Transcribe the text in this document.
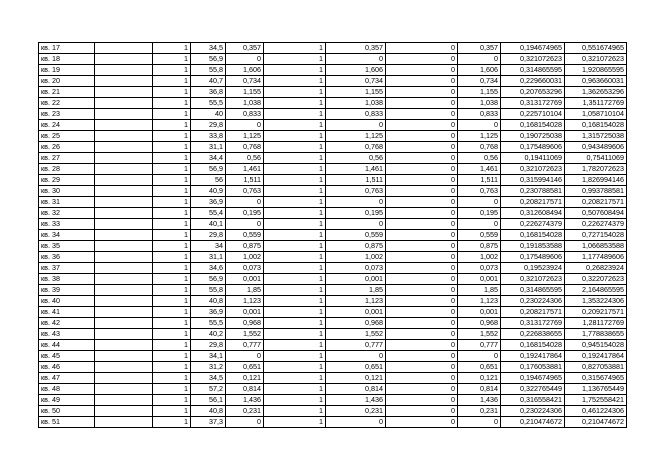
кв. 17		1	34,5	0,357	1	0,357	0	0,357	0,194674965	0,551674965
кв. 18		1	56,9	0	1	0	0	0	0,321072623	0,321072623
кв. 19		1	55,8	1,606	1	1,606	0	1,606	0,314865595	1,920865595
кв. 20		1	40,7	0,734	1	0,734	0	0,734	0,229660031	0,963660031
кв. 21		1	36,8	1,155	1	1,155	0	1,155	0,207653296	1,362653296
кв. 22		1	55,5	1,038	1	1,038	0	1,038	0,313172769	1,351172769
кв. 23		1	40	0,833	1	0,833	0	0,833	0,225710104	1,058710104
кв. 24		1	29,8	0	1	0	0	0	0,168154028	0,168154028
кв. 25		1	33,8	1,125	1	1,125	0	1,125	0,190725038	1,315725038
кв. 26		1	31,1	0,768	1	0,768	0	0,768	0,175489606	0,943489606
кв. 27		1	34,4	0,56	1	0,56	0	0,56	0,19411069	0,75411069
кв. 28		1	56,9	1,461	1	1,461	0	1,461	0,321072623	1,782072623
кв. 29		1	56	1,511	1	1,511	0	1,511	0,315994146	1,826994146
кв. 30		1	40,9	0,763	1	0,763	0	0,763	0,230788581	0,993788581
кв. 31		1	36,9	0	1	0	0	0	0,208217571	0,208217571
кв. 32		1	55,4	0,195	1	0,195	0	0,195	0,312608494	0,507608494
кв. 33		1	40,1	0	1	0	0	0	0,226274379	0,226274379
кв. 34		1	29,8	0,559	1	0,559	0	0,559	0,168154028	0,727154028
кв. 35		1	34	0,875	1	0,875	0	0,875	0,191853588	1,066853588
кв. 36		1	31,1	1,002	1	1,002	0	1,002	0,175489606	1,177489606
кв. 37		1	34,6	0,073	1	0,073	0	0,073	0,19523924	0,26823924
кв. 38		1	56,9	0,001	1	0,001	0	0,001	0,321072623	0,322072623
кв. 39		1	55,8	1,85	1	1,85	0	1,85	0,314865595	2,164865595
кв. 40		1	40,8	1,123	1	1,123	0	1,123	0,230224306	1,353224306
кв. 41		1	36,9	0,001	1	0,001	0	0,001	0,208217571	0,209217571
кв. 42		1	55,5	0,968	1	0,968	0	0,968	0,313172769	1,281172769
кв. 43		1	40,2	1,552	1	1,552	0	1,552	0,226838655	1,778838655
кв. 44		1	29,8	0,777	1	0,777	0	0,777	0,168154028	0,945154028
кв. 45		1	34,1	0	1	0	0	0	0,192417864	0,192417864
кв. 46		1	31,2	0,651	1	0,651	0	0,651	0,176053881	0,827053881
кв. 47		1	34,5	0,121	1	0,121	0	0,121	0,194674965	0,315674965
кв. 48		1	57,2	0,814	1	0,814	0	0,814	0,322765449	1,136765449
кв. 49		1	56,1	1,436	1	1,436	0	1,436	0,316558421	1,752558421
кв. 50		1	40,8	0,231	1	0,231	0	0,231	0,230224306	0,461224306
кв. 51		1	37,3	0	1	0	0	0	0,210474672	0,210474672
